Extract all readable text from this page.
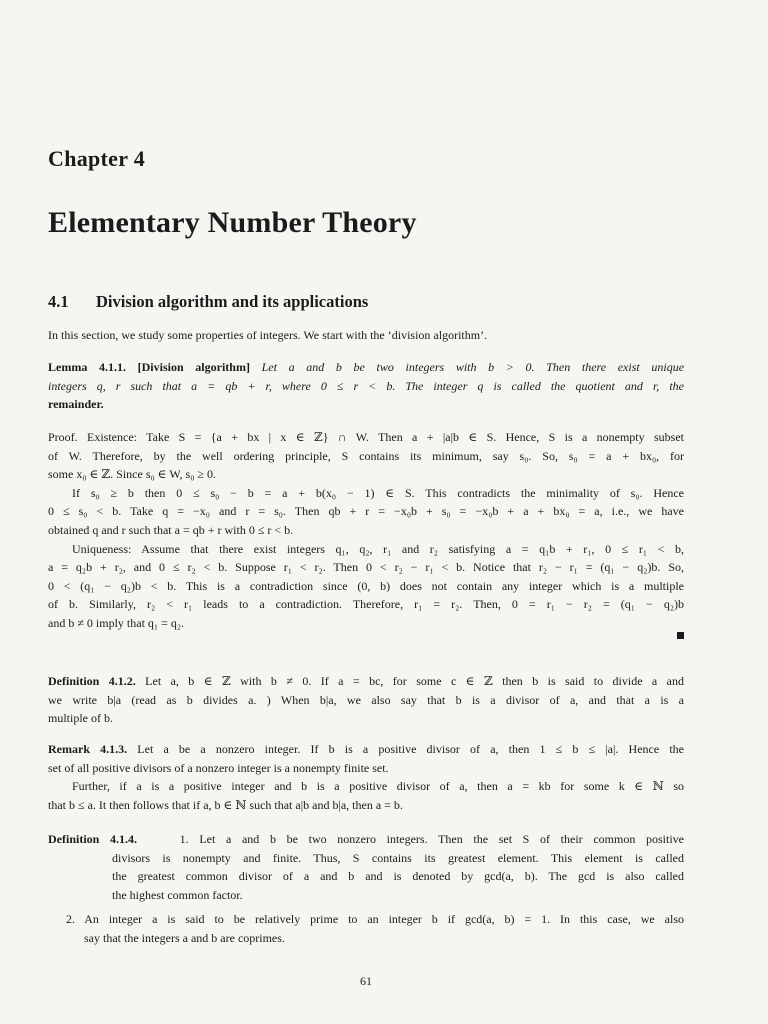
Chapter 4
Elementary Number Theory
4.1 Division algorithm and its applications
In this section, we study some properties of integers. We start with the ‘division algorithm’.
Lemma 4.1.1. [Division algorithm] Let a and b be two integers with b > 0. Then there exist unique
integers q, r such that a = qb + r, where 0 ≤ r < b. The integer q is called the quotient and r, the
remainder.
Proof. Existence: Take S = {a + bx | x ∈ ℤ} ∩ W. Then a + |a|b ∈ S. Hence, S is a nonempty subset
of W. Therefore, by the well ordering principle, S contains its minimum, say s₀. So, s₀ = a + bx₀, for
some x₀ ∈ ℤ. Since s₀ ∈ W, s₀ ≥ 0.
If s₀ ≥ b then 0 ≤ s₀ − b = a + b(x₀ − 1) ∈ S. This contradicts the minimality of s₀. Hence
0 ≤ s₀ < b. Take q = −x₀ and r = s₀. Then qb + r = −x₀b + s₀ = −x₀b + a + bx₀ = a, i.e., we have
obtained q and r such that a = qb + r with 0 ≤ r < b.
Uniqueness: Assume that there exist integers q₁, q₂, r₁ and r₂ satisfying a = q₁b + r₁, 0 ≤ r₁ < b,
a = q₂b + r₂, and 0 ≤ r₂ < b. Suppose r₁ < r₂. Then 0 < r₂ − r₁ < b. Notice that r₂ − r₁ = (q₁ − q₂)b. So,
0 < (q₁ − q₂)b < b. This is a contradiction since (0, b) does not contain any integer which is a multiple
of b. Similarly, r₂ < r₁ leads to a contradiction. Therefore, r₁ = r₂. Then, 0 = r₁ − r₂ = (q₁ − q₂)b
and b ≠ 0 imply that q₁ = q₂.
Definition 4.1.2. Let a, b ∈ ℤ with b ≠ 0. If a = bc, for some c ∈ ℤ then b is said to divide a and
we write b|a (read as b divides a. ) When b|a, we also say that b is a divisor of a, and that a is a
multiple of b.
Remark 4.1.3. Let a be a nonzero integer. If b is a positive divisor of a, then 1 ≤ b ≤ |a|. Hence the
set of all positive divisors of a nonzero integer is a nonempty finite set.
Further, if a is a positive integer and b is a positive divisor of a, then a = kb for some k ∈ ℕ so
that b ≤ a. It then follows that if a, b ∈ ℕ such that a|b and b|a, then a = b.
Definition 4.1.4.	1. Let a and b be two nonzero integers. Then the set S of their common positive
divisors is nonempty and finite. Thus, S contains its greatest element. This element is called
the greatest common divisor of a and b and is denoted by gcd(a, b). The gcd is also called
the highest common factor.
2. An integer a is said to be relatively prime to an integer b if gcd(a, b) = 1. In this case, we also
say that the integers a and b are coprimes.
61
